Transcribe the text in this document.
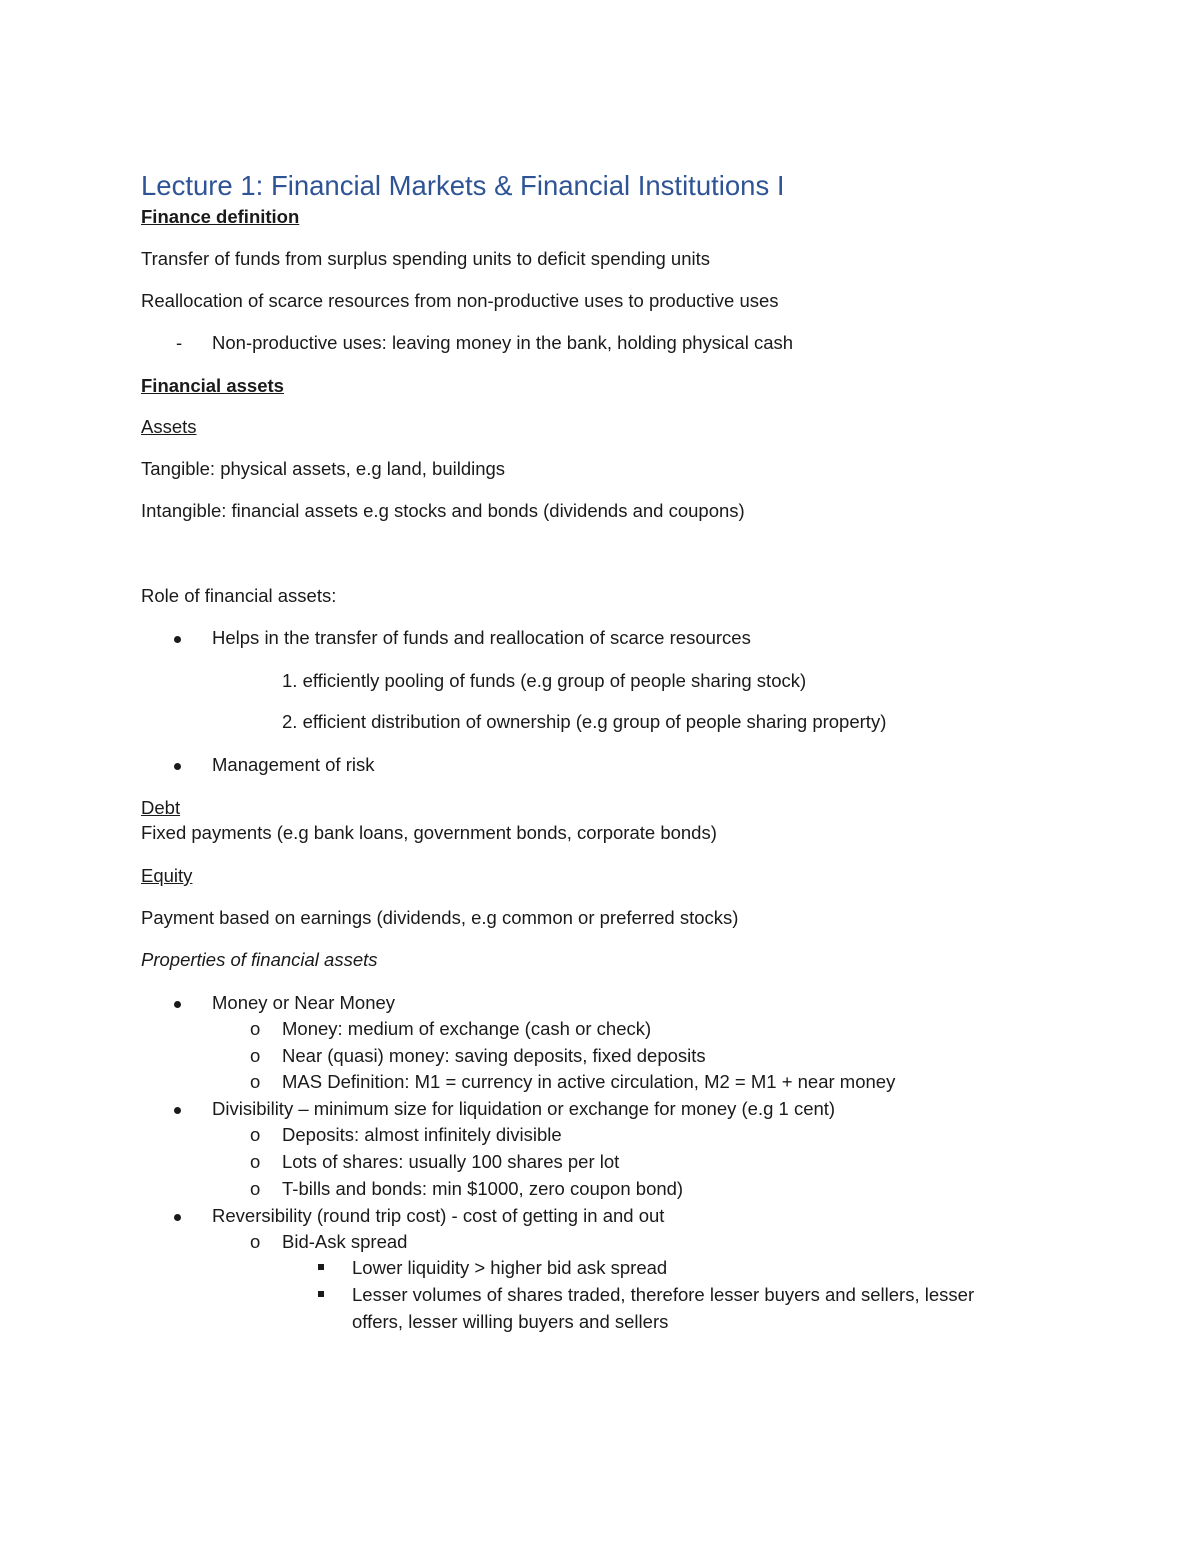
Lecture 1: Financial Markets & Financial Institutions I

Finance definition

Transfer of funds from surplus spending units to deficit spending units

Reallocation of scarce resources from non-productive uses to productive uses

- Non-productive uses: leaving money in the bank, holding physical cash

Financial assets

Assets

Tangible: physical assets, e.g land, buildings

Intangible: financial assets e.g stocks and bonds (dividends and coupons)

Role of financial assets:

Helps in the transfer of funds and reallocation of scarce resources

1. efficiently pooling of funds (e.g group of people sharing stock)

2. efficient distribution of ownership (e.g group of people sharing property)

Management of risk

Debt

Fixed payments (e.g bank loans, government bonds, corporate bonds)

Equity

Payment based on earnings (dividends, e.g common or preferred stocks)

Properties of financial assets

Money or Near Money

o Money: medium of exchange (cash or check)

o Near (quasi) money: saving deposits, fixed deposits

o MAS Definition: M1 = currency in active circulation, M2 = M1 + near money

Divisibility – minimum size for liquidation or exchange for money (e.g 1 cent)

o Deposits: almost infinitely divisible

o Lots of shares: usually 100 shares per lot

o T-bills and bonds: min $1000, zero coupon bond)

Reversibility (round trip cost) - cost of getting in and out

o Bid-Ask spread

Lower liquidity > higher bid ask spread

Lesser volumes of shares traded, therefore lesser buyers and sellers, lesser

offers, lesser willing buyers and sellers
